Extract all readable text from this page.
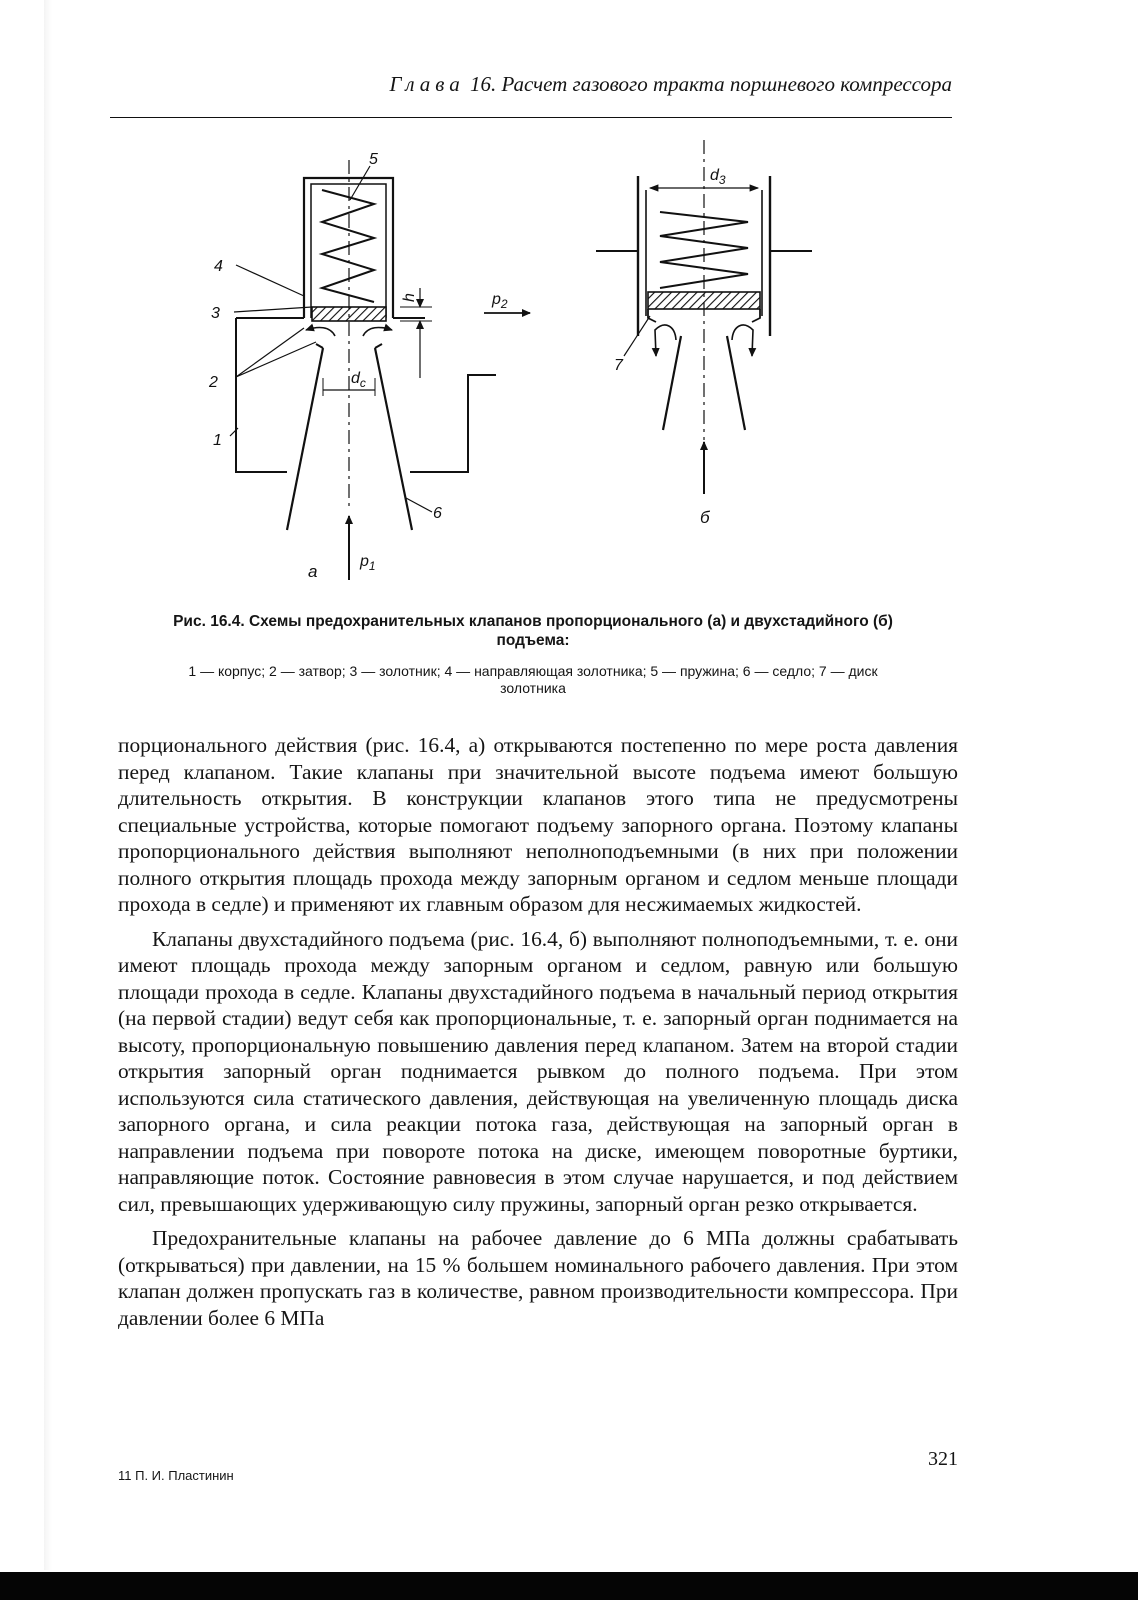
Глава 16. Расчет газового тракта поршневого компрессора
5
4
3
2
1
6
h
$d_c$
$p_2$
$p_1$
а
$d_3$
7
б
Рис. 16.4. Схемы предохранительных клапанов пропорционального (а) и двухстадийного (б)
подъема:
1 — корпус; 2 — затвор; 3 — золотник; 4 — направляющая золотника; 5 — пружина; 6 — седло; 7 — диск
золотника

порционального действия (рис. 16.4, а) открываются постепенно по мере роста давления перед клапаном. Такие клапаны при значительной высоте подъема имеют большую длительность открытия. В конструкции клапанов этого типа не предусмотрены специальные устройства, которые помогают подъему запорного органа. Поэтому клапаны пропорционального действия выполняют неполноподъемными (в них при положении полного открытия площадь прохода между запорным органом и седлом меньше площади прохода в седле) и применяют их главным образом для несжимаемых жидкостей.

Клапаны двухстадийного подъема (рис. 16.4, б) выполняют полноподъемными, т. е. они имеют площадь прохода между запорным органом и седлом, равную или большую площади прохода в седле. Клапаны двухстадийного подъема в начальный период открытия (на первой стадии) ведут себя как пропорциональные, т. е. запорный орган поднимается на высоту, пропорциональную повышению давления перед клапаном. Затем на второй стадии открытия запорный орган поднимается рывком до полного подъема. При этом используются сила статического давления, действующая на увеличенную площадь диска запорного органа, и сила реакции потока газа, действующая на запорный орган в направлении подъема при повороте потока на диске, имеющем поворотные буртики, направляющие поток. Состояние равновесия в этом случае нарушается, и под действием сил, превышающих удерживающую силу пружины, запорный орган резко открывается.

Предохранительные клапаны на рабочее давление до 6 МПа должны срабатывать (открываться) при давлении, на 15 % большем номинального рабочего давления. При этом клапан должен пропускать газ в количестве, равном производительности компрессора. При давлении более 6 МПа

321
11 П. И. Пластинин
